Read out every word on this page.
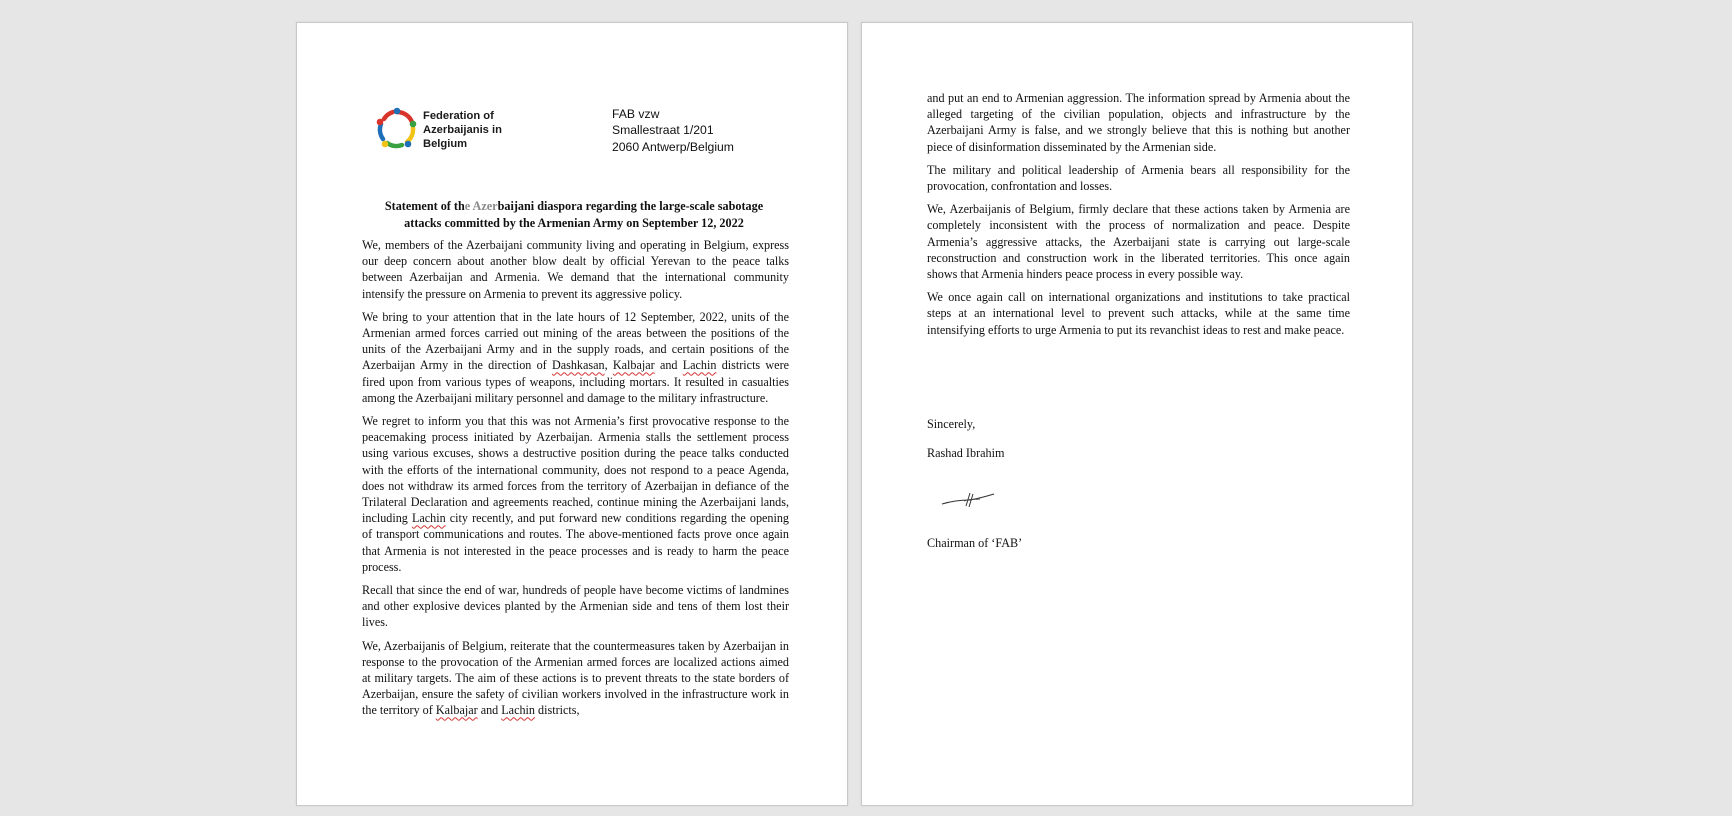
Federation of
Azerbaijanis in
Belgium
FAB vzw
Smallestraat 1/201
2060 Antwerp/Belgium
Statement of the Azerbaijani diaspora regarding the large-scale sabotage
attacks committed by the Armenian Army on September 12, 2022

We, members of the Azerbaijani community living and operating in Belgium, express our deep concern about another blow dealt by official Yerevan to the peace talks between Azerbaijan and Armenia. We demand that the international community intensify the pressure on Armenia to prevent its aggressive policy.

We bring to your attention that in the late hours of 12 September, 2022, units of the Armenian armed forces carried out mining of the areas between the positions of the units of the Azerbaijani Army and in the supply roads, and certain positions of the Azerbaijan Army in the direction of Dashkasan, Kalbajar and Lachin districts were fired upon from various types of weapons, including mortars. It resulted in casualties among the Azerbaijani military personnel and damage to the military infrastructure.

We regret to inform you that this was not Armenia’s first provocative response to the peacemaking process initiated by Azerbaijan. Armenia stalls the settlement process using various excuses, shows a destructive position during the peace talks conducted with the efforts of the international community, does not respond to a peace Agenda, does not withdraw its armed forces from the territory of Azerbaijan in defiance of the Trilateral Declaration and agreements reached, continue mining the Azerbaijani lands, including Lachin city recently, and put forward new conditions regarding the opening of transport communications and routes. The above-mentioned facts prove once again that Armenia is not interested in the peace processes and is ready to harm the peace process.

Recall that since the end of war, hundreds of people have become victims of landmines and other explosive devices planted by the Armenian side and tens of them lost their lives.

We, Azerbaijanis of Belgium, reiterate that the countermeasures taken by Azerbaijan in response to the provocation of the Armenian armed forces are localized actions aimed at military targets. The aim of these actions is to prevent threats to the state borders of Azerbaijan, ensure the safety of civilian workers involved in the infrastructure work in the territory of Kalbajar and Lachin districts,

and put an end to Armenian aggression. The information spread by Armenia about the alleged targeting of the civilian population, objects and infrastructure by the Azerbaijani Army is false, and we strongly believe that this is nothing but another piece of disinformation disseminated by the Armenian side.

The military and political leadership of Armenia bears all responsibility for the provocation, confrontation and losses.

We, Azerbaijanis of Belgium, firmly declare that these actions taken by Armenia are completely inconsistent with the process of normalization and peace. Despite Armenia’s aggressive attacks, the Azerbaijani state is carrying out large-scale reconstruction and construction work in the liberated territories. This once again shows that Armenia hinders peace process in every possible way.

We once again call on international organizations and institutions to take practical steps at an international level to prevent such attacks, while at the same time intensifying efforts to urge Armenia to put its revanchist ideas to rest and make peace.

Sincerely,
Rashad Ibrahim
Chairman of ‘FAB’
